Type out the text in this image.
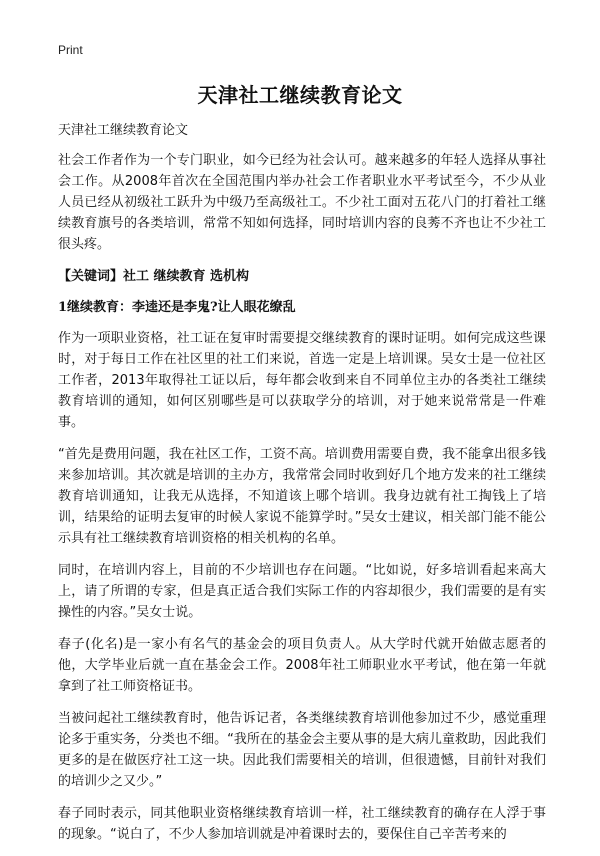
Print
天津社工继续教育论文

天津社工继续教育论文

社会工作者作为一个专门职业，如今已经为社会认可。越来越多的年轻人选择从事社会工作。从2008年首次在全国范围内举办社会工作者职业水平考试至今，不少从业人员已经从初级社工跃升为中级乃至高级社工。不少社工面对五花八门的打着社工继续教育旗号的各类培训，常常不知如何选择，同时培训内容的良莠不齐也让不少社工很头疼。

【关键词】社工 继续教育 选机构

1继续教育：李逵还是李鬼?让人眼花缭乱

作为一项职业资格，社工证在复审时需要提交继续教育的课时证明。如何完成这些课时，对于每日工作在社区里的社工们来说，首选一定是上培训课。吴女士是一位社区工作者，2013年取得社工证以后，每年都会收到来自不同单位主办的各类社工继续教育培训的通知，如何区别哪些是可以获取学分的培训，对于她来说常常是一件难事。

“首先是费用问题，我在社区工作，工资不高。培训费用需要自费，我不能拿出很多钱来参加培训。其次就是培训的主办方，我常常会同时收到好几个地方发来的社工继续教育培训通知，让我无从选择，不知道该上哪个培训。我身边就有社工掏钱上了培训，结果给的证明去复审的时候人家说不能算学时。”吴女士建议，相关部门能不能公示具有社工继续教育培训资格的相关机构的名单。

同时，在培训内容上，目前的不少培训也存在问题。“比如说，好多培训看起来高大上，请了所谓的专家，但是真正适合我们实际工作的内容却很少，我们需要的是有实操性的内容。”吴女士说。

春子(化名)是一家小有名气的基金会的项目负责人。从大学时代就开始做志愿者的他，大学毕业后就一直在基金会工作。2008年社工师职业水平考试，他在第一年就拿到了社工师资格证书。

当被问起社工继续教育时，他告诉记者，各类继续教育培训他参加过不少，感觉重理论多于重实务，分类也不细。“我所在的基金会主要从事的是大病儿童救助，因此我们更多的是在做医疗社工这一块。因此我们需要相关的培训，但很遗憾，目前针对我们的培训少之又少。”

春子同时表示，同其他职业资格继续教育培训一样，社工继续教育的确存在人浮于事的现象。“说白了，不少人参加培训就是冲着课时去的，要保住自己辛苦考来的
